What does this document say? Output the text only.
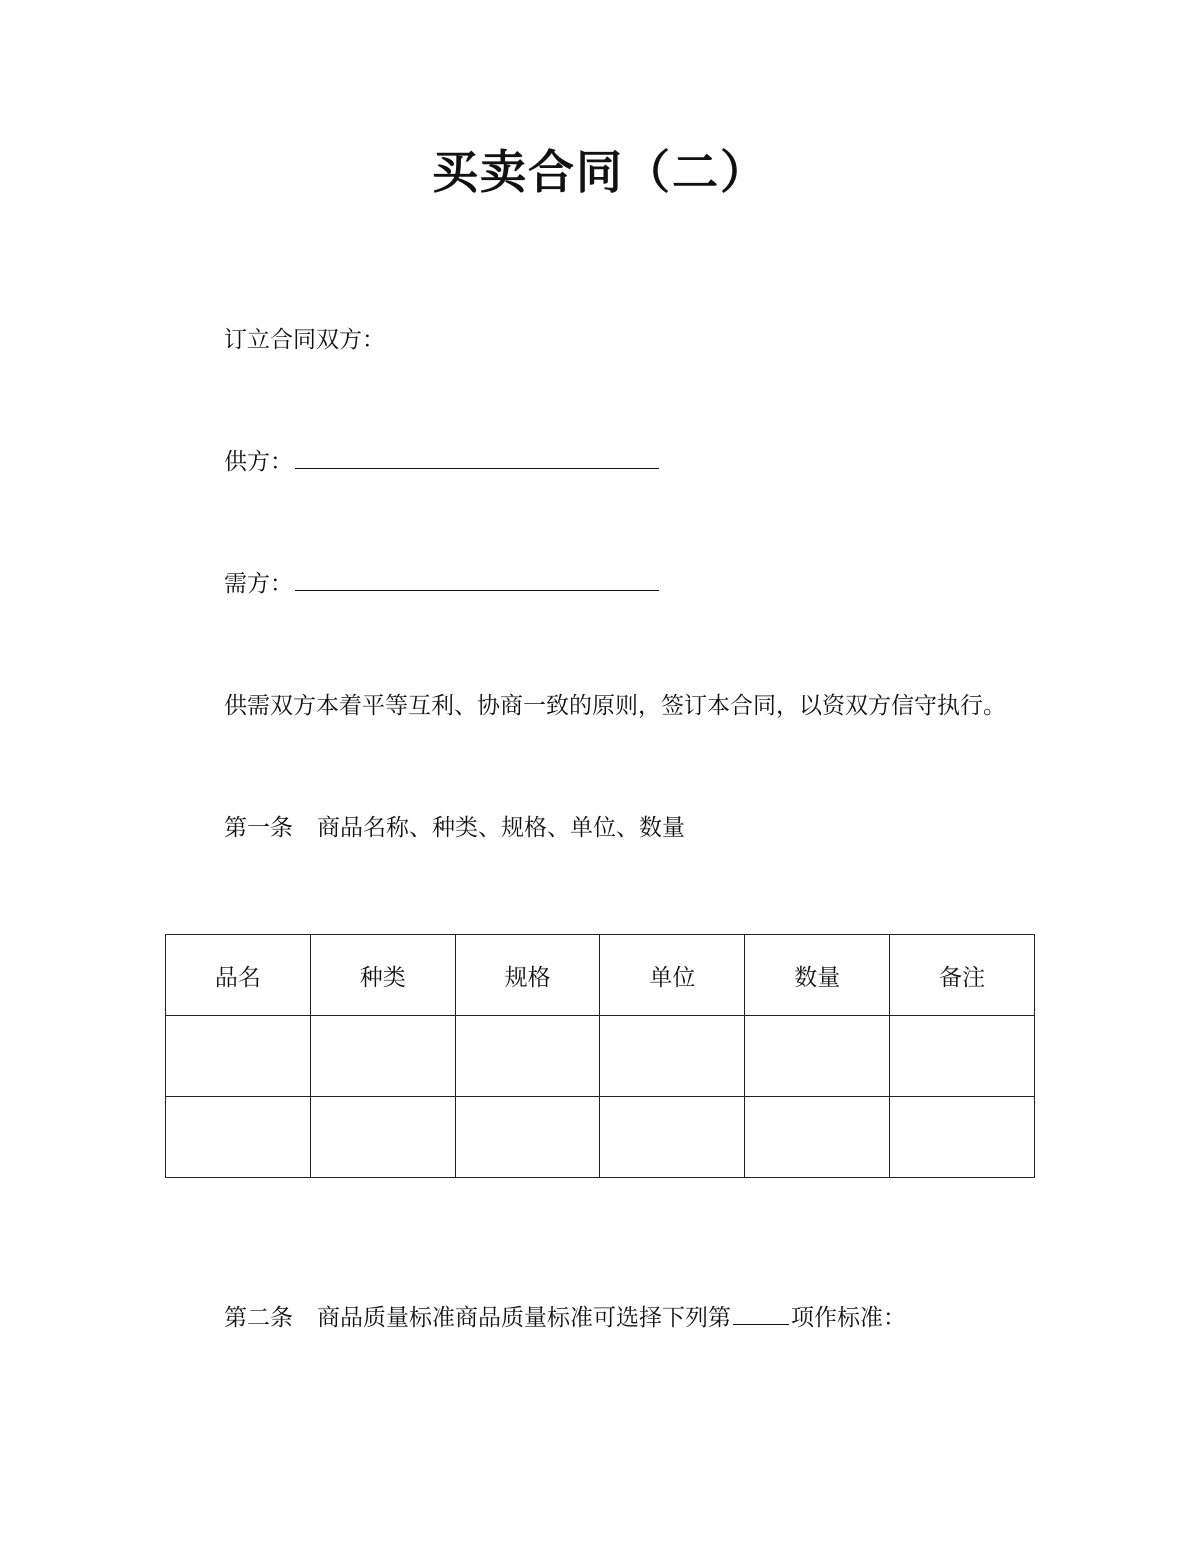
买卖合同（二）
订立合同双方：
供方：
需方：
供需双方本着平等互利、协商一致的原则，签订本合同，以资双方信守执行。
第一条 商品名称、种类、规格、单位、数量
品名	种类	规格	单位	数量	备注

第二条 商品质量标准商品质量标准可选择下列第	项作标准：
